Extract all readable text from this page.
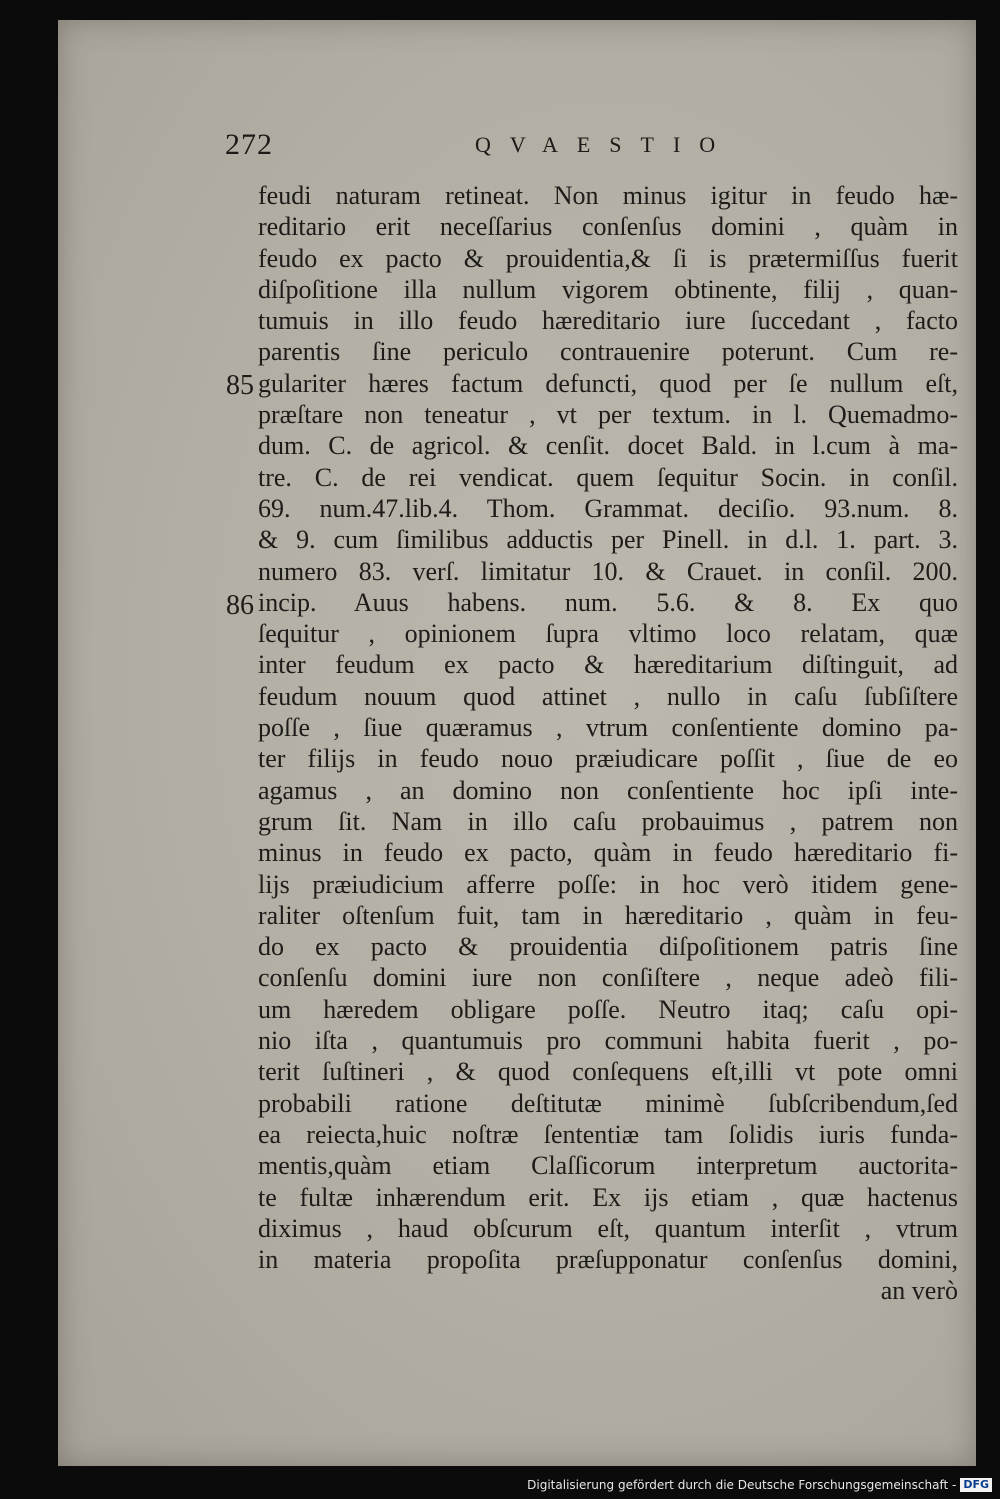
272	QVAESTIO
85
86
feudi naturam retineat. Non minus igitur in feudo hæ-
reditario erit neceſſarius conſenſus domini , quàm in
feudo ex pacto & prouidentia,& ſi is prætermiſſus fuerit
diſpoſitione illa nullum vigorem obtinente, filij , quan-
tumuis in illo feudo hæreditario iure ſuccedant , facto
parentis ſine periculo contrauenire poterunt. Cum re-
gulariter hæres factum defuncti, quod per ſe nullum eſt,
præſtare non teneatur , vt per textum. in l. Quemadmo-
dum. C. de agricol. & cenſit. docet Bald. in l.cum à ma-
tre. C. de rei vendicat. quem ſequitur Socin. in conſil.
69. num.47.lib.4. Thom. Grammat. deciſio. 93.num. 8.
& 9. cum ſimilibus adductis per Pinell. in d.l. 1. part. 3.
numero 83. verſ. limitatur 10. & Crauet. in conſil. 200.
incip. Auus habens. num. 5.6. & 8. Ex quo
ſequitur , opinionem ſupra vltimo loco relatam, quæ
inter feudum ex pacto & hæreditarium diſtinguit, ad
feudum nouum quod attinet , nullo in caſu ſubſiſtere
poſſe , ſiue quæramus , vtrum conſentiente domino pa-
ter filijs in feudo nouo præiudicare poſſit , ſiue de eo
agamus , an domino non conſentiente hoc ipſi inte-
grum ſit. Nam in illo caſu probauimus , patrem non
minus in feudo ex pacto, quàm in feudo hæreditario fi-
lijs præiudicium afferre poſſe: in hoc verò itidem gene-
raliter oſtenſum fuit, tam in hæreditario , quàm in feu-
do ex pacto & prouidentia diſpoſitionem patris ſine
conſenſu domini iure non conſiſtere , neque adeò fili-
um hæredem obligare poſſe. Neutro itaq; caſu opi-
nio iſta , quantumuis pro communi habita fuerit , po-
terit ſuſtineri , & quod conſequens eſt,illi vt pote omni
probabili ratione deſtitutæ minimè ſubſcribendum,ſed
ea reiecta,huic noſtræ ſententiæ tam ſolidis iuris funda-
mentis,quàm etiam Claſſicorum interpretum auctorita-
te fultæ inhærendum erit. Ex ijs etiam , quæ hactenus
diximus , haud obſcurum eſt, quantum interſit , vtrum
in materia propoſita præſupponatur conſenſus domini,
an verò
Digitalisierung gefördert durch die Deutsche Forschungsgemeinschaft - DFG
